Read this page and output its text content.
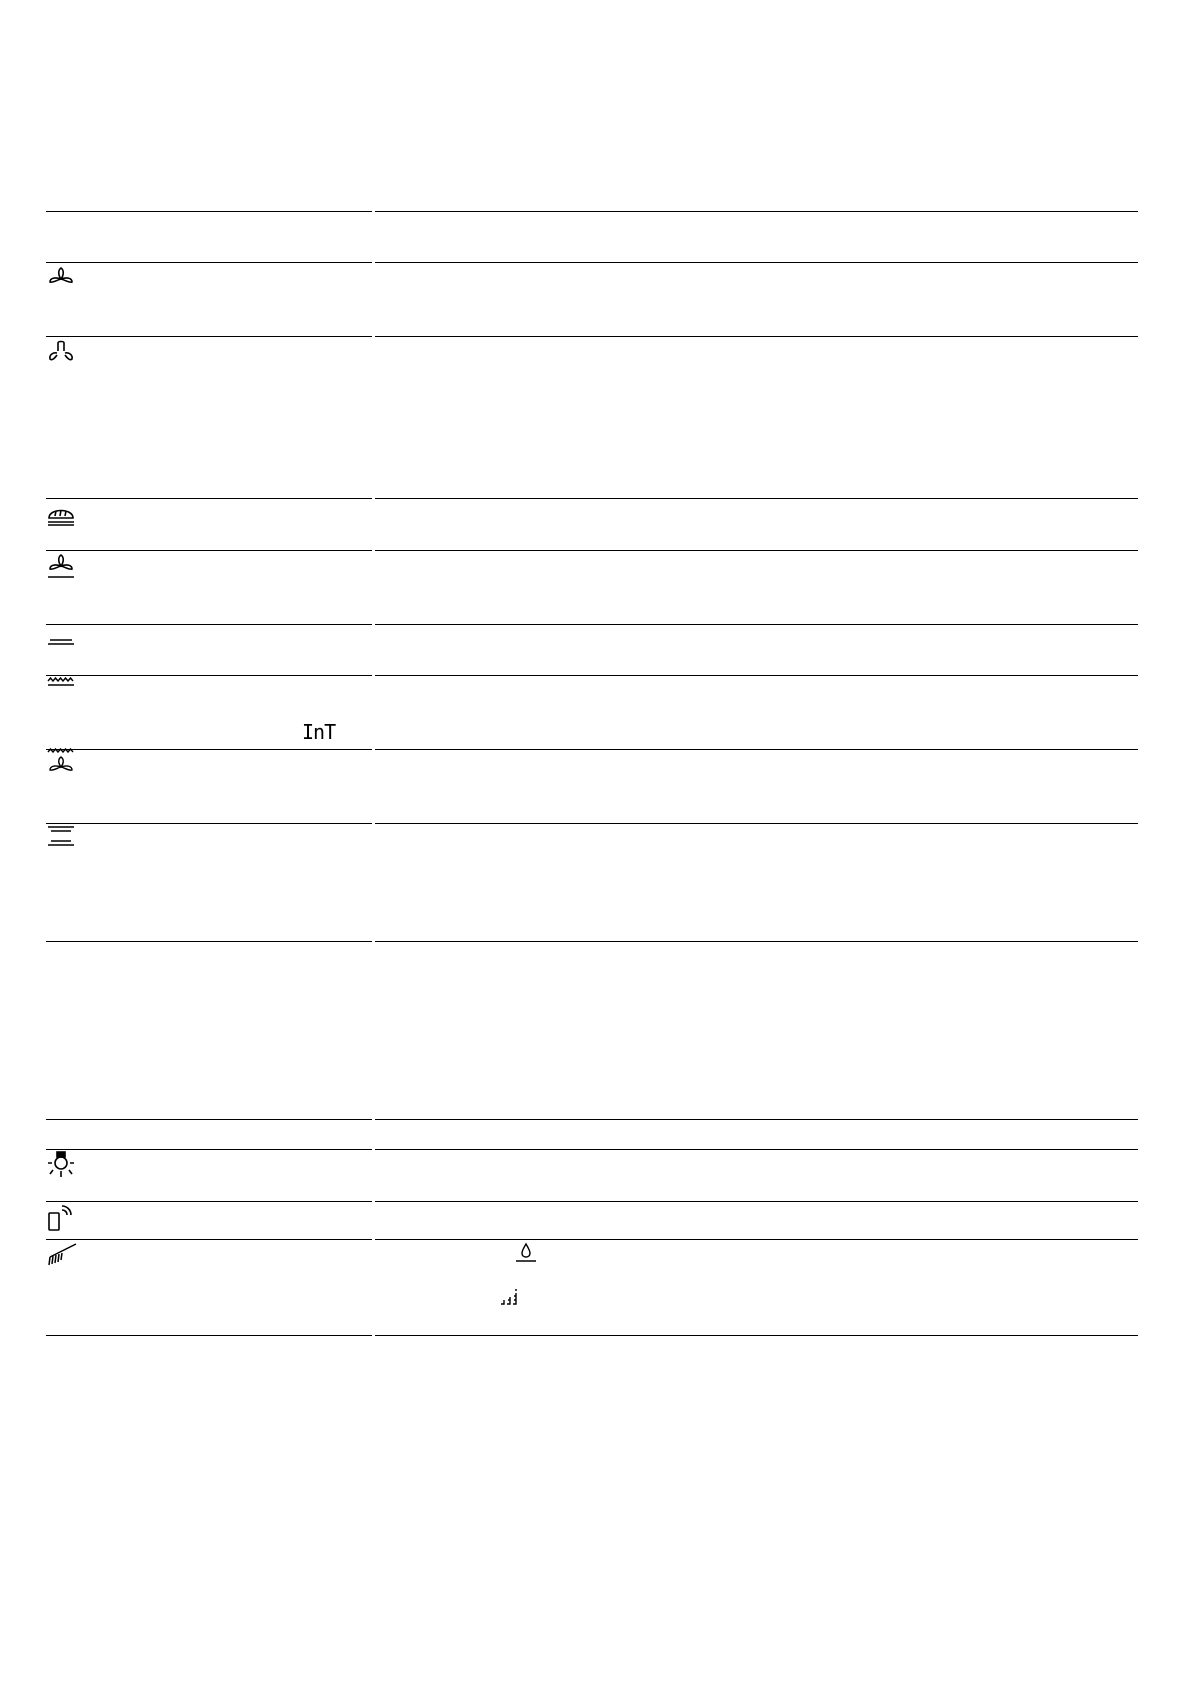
InT
